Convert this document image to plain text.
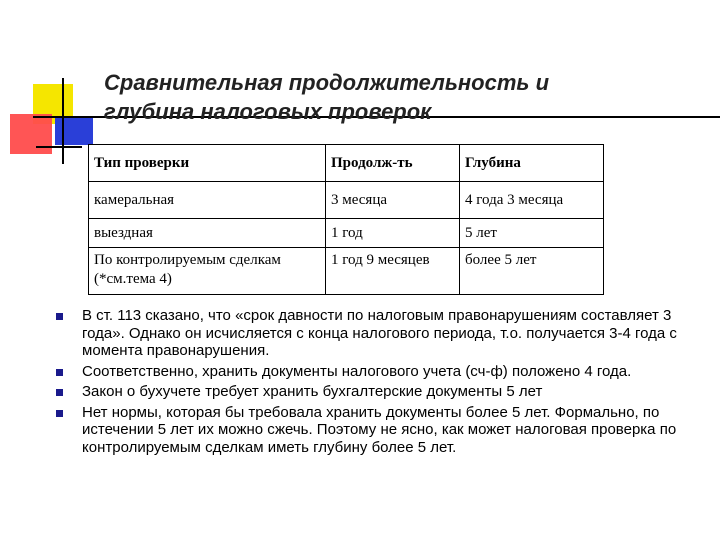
Сравнительная продолжительность и
глубина налоговых проверок
Тип проверки	Продолж-ть	Глубина
камеральная	3 месяца	4 года 3 месяца
выездная	1 год	5 лет
По контролируемым сделкам (*см.тема 4)	1 год 9 месяцев	более 5 лет
В ст. 113 сказано, что «срок давности по налоговым правонарушениям составляет 3 года». Однако он исчисляется с конца налогового периода, т.о. получается 3-4 года с момента правонарушения.
Соответственно, хранить документы налогового учета (сч-ф) положено 4 года.
Закон о бухучете требует хранить бухгалтерские документы 5 лет
Нет нормы, которая бы требовала хранить документы более 5 лет. Формально, по истечении 5 лет их можно сжечь. Поэтому не ясно, как может налоговая проверка по контролируемым сделкам иметь глубину более 5 лет.
